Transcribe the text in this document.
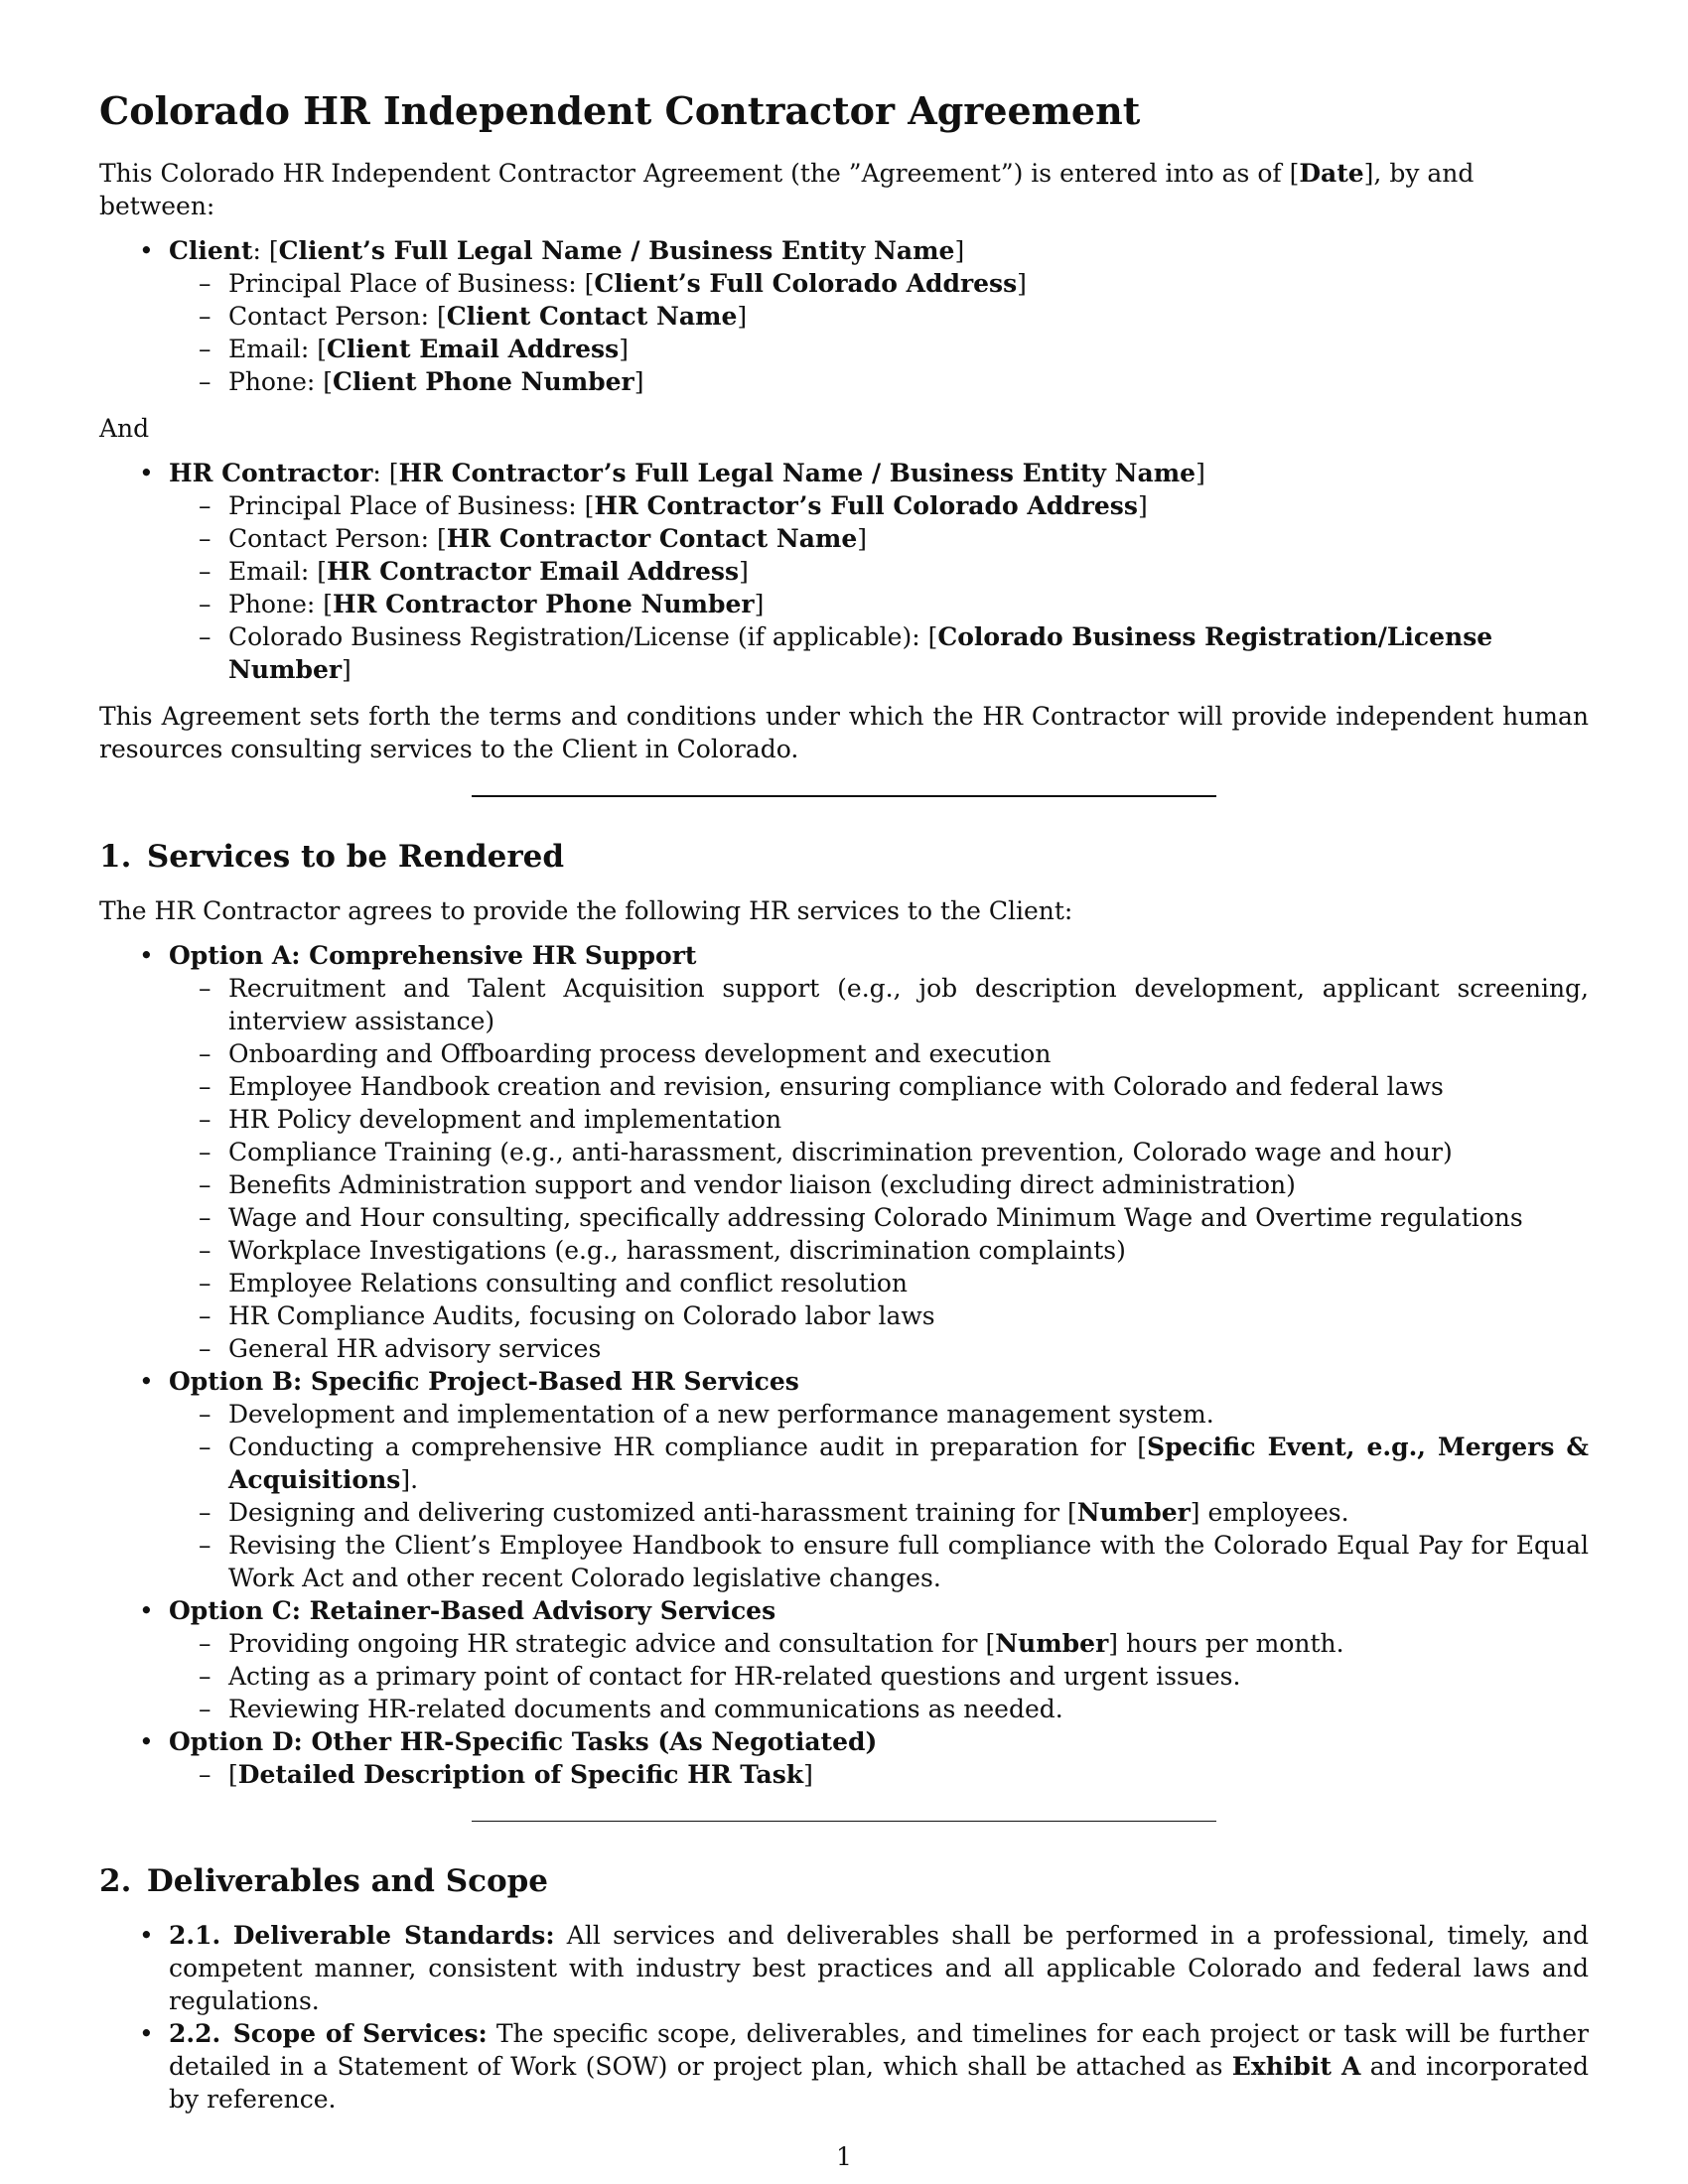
Colorado HR Independent Contractor Agreement

This Colorado HR Independent Contractor Agreement (the ”Agreement”) is entered into as of [Date], by and between:

• Client: [Client’s Full Legal Name / Business Entity Name]
– Principal Place of Business: [Client’s Full Colorado Address]
– Contact Person: [Client Contact Name]
– Email: [Client Email Address]
– Phone: [Client Phone Number]

And

• HR Contractor: [HR Contractor’s Full Legal Name / Business Entity Name]
– Principal Place of Business: [HR Contractor’s Full Colorado Address]
– Contact Person: [HR Contractor Contact Name]
– Email: [HR Contractor Email Address]
– Phone: [HR Contractor Phone Number]
– Colorado Business Registration/License (if applicable): [Colorado Business Registration/License Number]

This Agreement sets forth the terms and conditions under which the HR Contractor will provide independent human resources consulting services to the Client in Colorado.

1. Services to be Rendered

The HR Contractor agrees to provide the following HR services to the Client:

• Option A: Comprehensive HR Support
– Recruitment and Talent Acquisition support (e.g., job description development, applicant screening, interview assistance)
– Onboarding and Offboarding process development and execution
– Employee Handbook creation and revision, ensuring compliance with Colorado and federal laws
– HR Policy development and implementation
– Compliance Training (e.g., anti-harassment, discrimination prevention, Colorado wage and hour)
– Benefits Administration support and vendor liaison (excluding direct administration)
– Wage and Hour consulting, specifically addressing Colorado Minimum Wage and Overtime regulations
– Workplace Investigations (e.g., harassment, discrimination complaints)
– Employee Relations consulting and conflict resolution
– HR Compliance Audits, focusing on Colorado labor laws
– General HR advisory services
• Option B: Specific Project-Based HR Services
– Development and implementation of a new performance management system.
– Conducting a comprehensive HR compliance audit in preparation for [Specific Event, e.g., Mergers & Acquisitions].
– Designing and delivering customized anti-harassment training for [Number] employees.
– Revising the Client’s Employee Handbook to ensure full compliance with the Colorado Equal Pay for Equal Work Act and other recent Colorado legislative changes.
• Option C: Retainer-Based Advisory Services
– Providing ongoing HR strategic advice and consultation for [Number] hours per month.
– Acting as a primary point of contact for HR-related questions and urgent issues.
– Reviewing HR-related documents and communications as needed.
• Option D: Other HR-Specific Tasks (As Negotiated)
– [Detailed Description of Specific HR Task]
2. Deliverables and Scope
• 2.1.  Deliverable Standards: All services and deliverables shall be performed in a professional, timely, and competent manner, consistent with industry best practices and all applicable Colorado and federal laws and regulations.
• 2.2.  Scope of Services: The specific scope, deliverables, and timelines for each project or task will be further detailed in a Statement of Work (SOW) or project plan, which shall be attached as Exhibit A and incorporated by reference.
1
